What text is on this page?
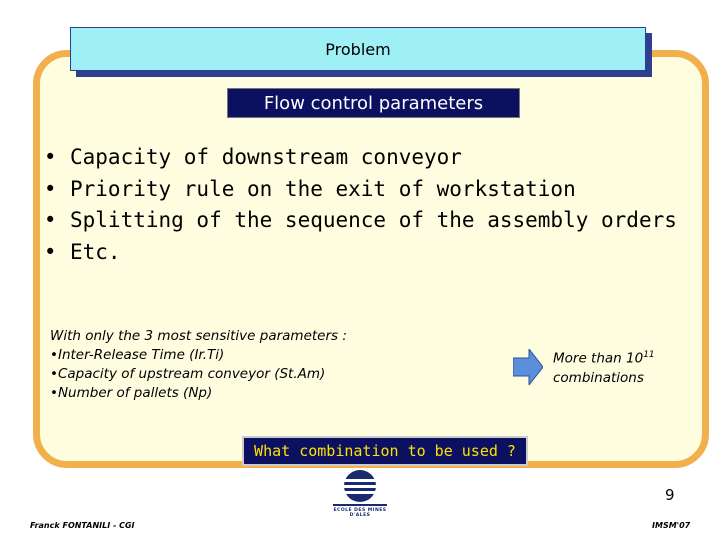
Problem
Flow control parameters
• Capacity of downstream conveyor
• Priority rule on the exit of workstation
• Splitting of the sequence of the assembly orders
• Etc.
With only the 3 most sensitive parameters :
•Inter-Release Time (Ir.Ti)
•Capacity of upstream conveyor (St.Am)
•Number of pallets (Np)
More than $10^{11}$
combinations
What combination to be used ?
9
ECOLE DES MINES D'ALES
Franck FONTANILI - CGI	IMSM'07
